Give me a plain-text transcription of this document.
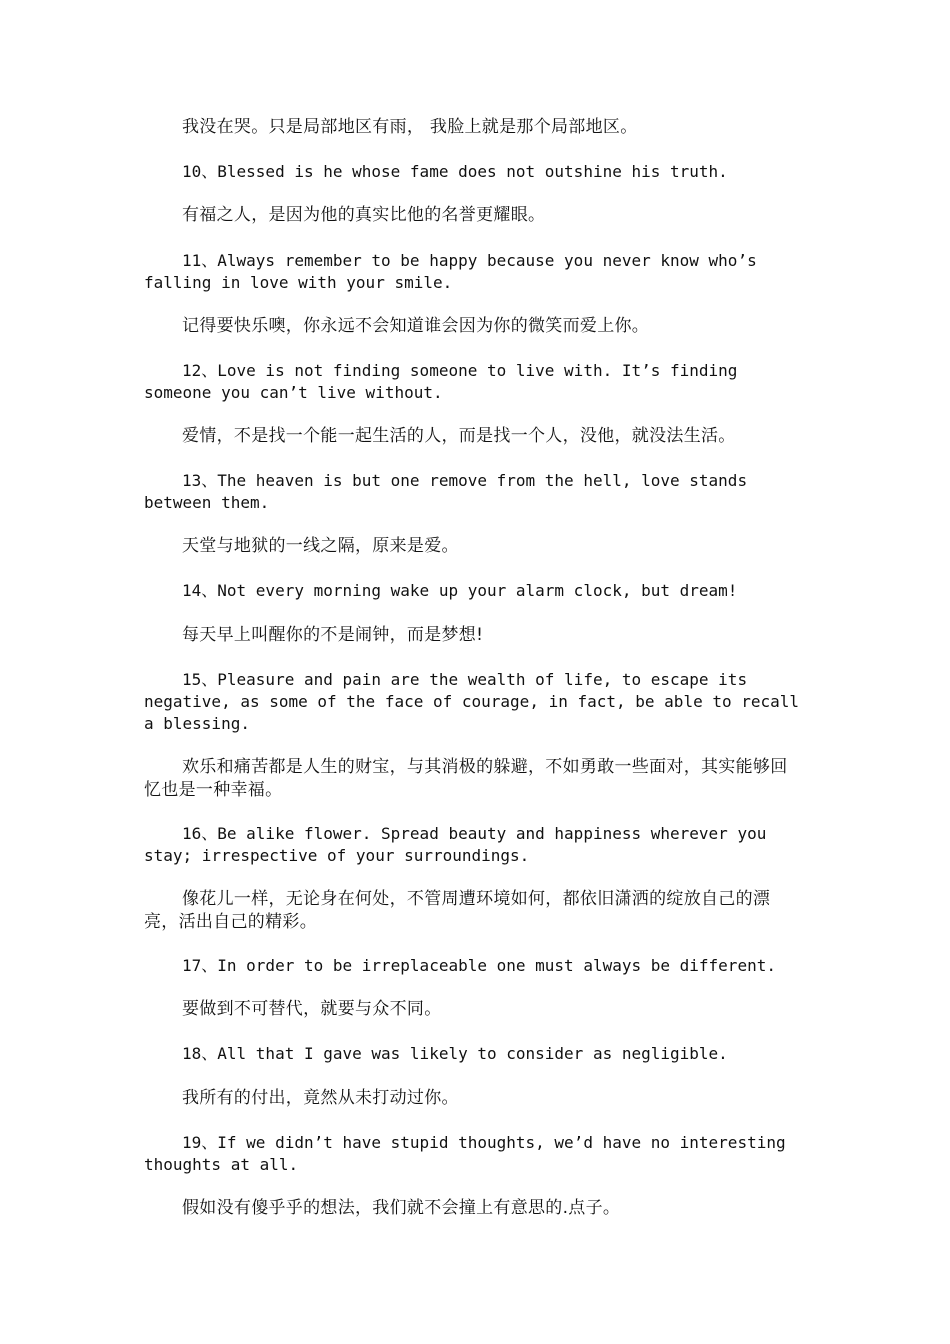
我没在哭。只是局部地区有雨， 我脸上就是那个局部地区。

10、Blessed is he whose fame does not outshine his truth.

有福之人，是因为他的真实比他的名誉更耀眼。

11、Always remember to be happy because you never know who’s falling in love with your smile.

记得要快乐噢，你永远不会知道谁会因为你的微笑而爱上你。

12、Love is not finding someone to live with. It’s finding someone you can’t live without.

爱情，不是找一个能一起生活的人，而是找一个人，没他，就没法生活。

13、The heaven is but one remove from the hell, love stands between them.

天堂与地狱的一线之隔，原来是爱。

14、Not every morning wake up your alarm clock, but dream!

每天早上叫醒你的不是闹钟，而是梦想!

15、Pleasure and pain are the wealth of life, to escape its negative, as some of the face of courage, in fact, be able to recall a blessing.

欢乐和痛苦都是人生的财宝，与其消极的躲避，不如勇敢一些面对，其实能够回忆也是一种幸福。

16、Be alike flower. Spread beauty and happiness wherever you stay; irrespective of your surroundings.

像花儿一样，无论身在何处，不管周遭环境如何，都依旧潇洒的绽放自己的漂亮，活出自己的精彩。

17、In order to be irreplaceable one must always be different.

要做到不可替代，就要与众不同。

18、All that I gave was likely to consider as negligible.

我所有的付出，竟然从未打动过你。

19、If we didn’t have stupid thoughts, we’d have no interesting thoughts at all.

假如没有傻乎乎的想法，我们就不会撞上有意思的.点子。
